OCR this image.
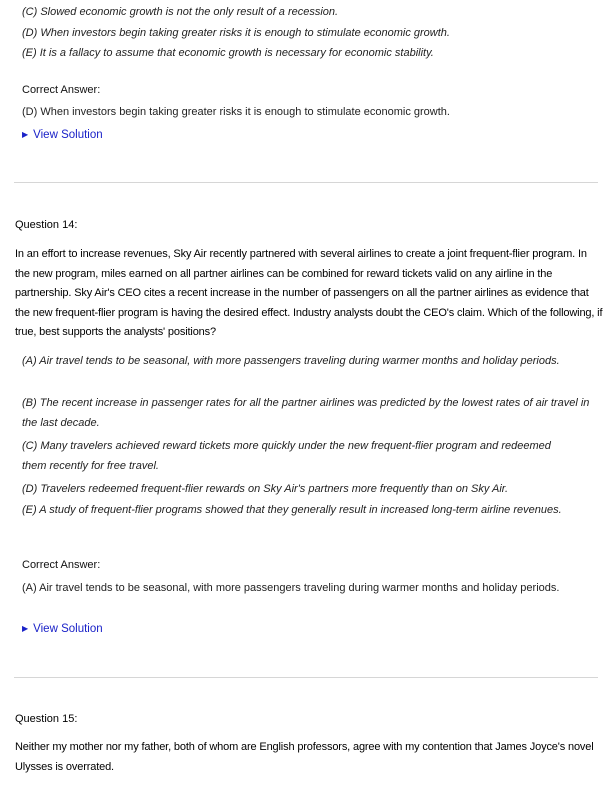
(C) Slowed economic growth is not the only result of a recession.
(D) When investors begin taking greater risks it is enough to stimulate economic growth.
(E) It is a fallacy to assume that economic growth is necessary for economic stability.
Correct Answer:
(D) When investors begin taking greater risks it is enough to stimulate economic growth.
▶ View Solution
Question 14:
In an effort to increase revenues, Sky Air recently partnered with several airlines to create a joint frequent-flier program. In the new program, miles earned on all partner airlines can be combined for reward tickets valid on any airline in the partnership. Sky Air's CEO cites a recent increase in the number of passengers on all the partner airlines as evidence that the new frequent-flier program is having the desired effect. Industry analysts doubt the CEO's claim. Which of the following, if true, best supports the analysts' positions?
(A) Air travel tends to be seasonal, with more passengers traveling during warmer months and holiday periods.
(B) The recent increase in passenger rates for all the partner airlines was predicted by the lowest rates of air travel in the last decade.
(C) Many travelers achieved reward tickets more quickly under the new frequent-flier program and redeemed them recently for free travel.
(D) Travelers redeemed frequent-flier rewards on Sky Air's partners more frequently than on Sky Air.
(E) A study of frequent-flier programs showed that they generally result in increased long-term airline revenues.
Correct Answer:
(A) Air travel tends to be seasonal, with more passengers traveling during warmer months and holiday periods.
▶ View Solution
Question 15:
Neither my mother nor my father, both of whom are English professors, agree with my contention that James Joyce's novel Ulysses is overrated.
